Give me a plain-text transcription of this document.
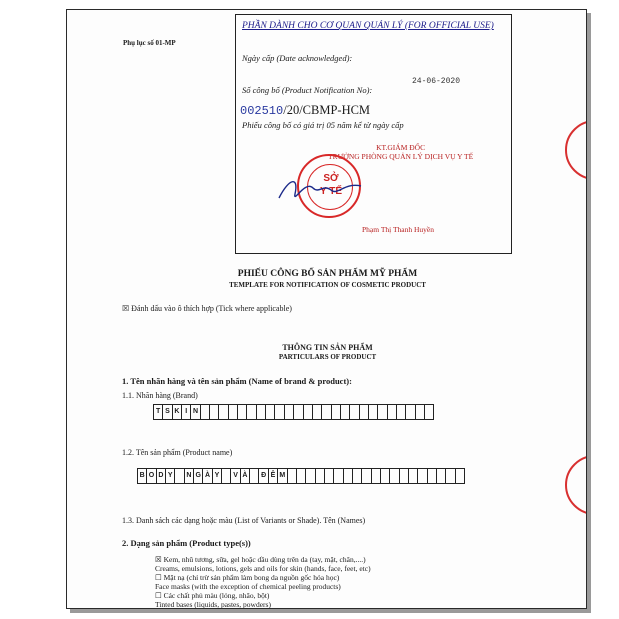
Phụ lục số 01-MP
PHẦN DÀNH CHO CƠ QUAN QUẢN LÝ (FOR OFFICIAL USE)
Ngày cấp (Date acknowledged):
24-06-2020
Số công bố (Product Notification No):
002510/20/CBMP-HCM
Phiếu công bố có giá trị 05 năm kể từ ngày cấp
KT.GIÁM ĐỐC
TRƯỞNG PHÒNG QUẢN LÝ DỊCH VỤ Y TẾ
Phạm Thị Thanh Huyền
SỞ
Y TẾ
PHIẾU CÔNG BỐ SẢN PHẨM MỸ PHẨM
TEMPLATE FOR NOTIFICATION OF COSMETIC PRODUCT
☒ Đánh dấu vào ô thích hợp (Tick where applicable)
THÔNG TIN SẢN PHẨM
PARTICULARS OF PRODUCT
1. Tên nhãn hàng và tên sản phẩm (Name of brand & product):
1.1. Nhãn hàng (Brand)
T S K I N
1.2. Tên sản phẩm (Product name)
B O D Y	N G À Y	V À	Đ Ê M
1.3. Danh sách các dạng hoặc màu (List of Variants or Shade). Tên (Names)
2. Dạng sản phẩm (Product type(s))
☒ Kem, nhũ tương, sữa, gel hoặc dầu dùng trên da (tay, mặt, chân,....)
Creams, emulsions, lotions, gels and oils for skin (hands, face, feet, etc)
☐ Mặt nạ (chỉ trừ sản phẩm làm bong da nguồn gốc hóa học)
Face masks (with the exception of chemical peeling products)
☐ Các chất phủ màu (lỏng, nhão, bột)
Tinted bases (liquids, pastes, powders)
